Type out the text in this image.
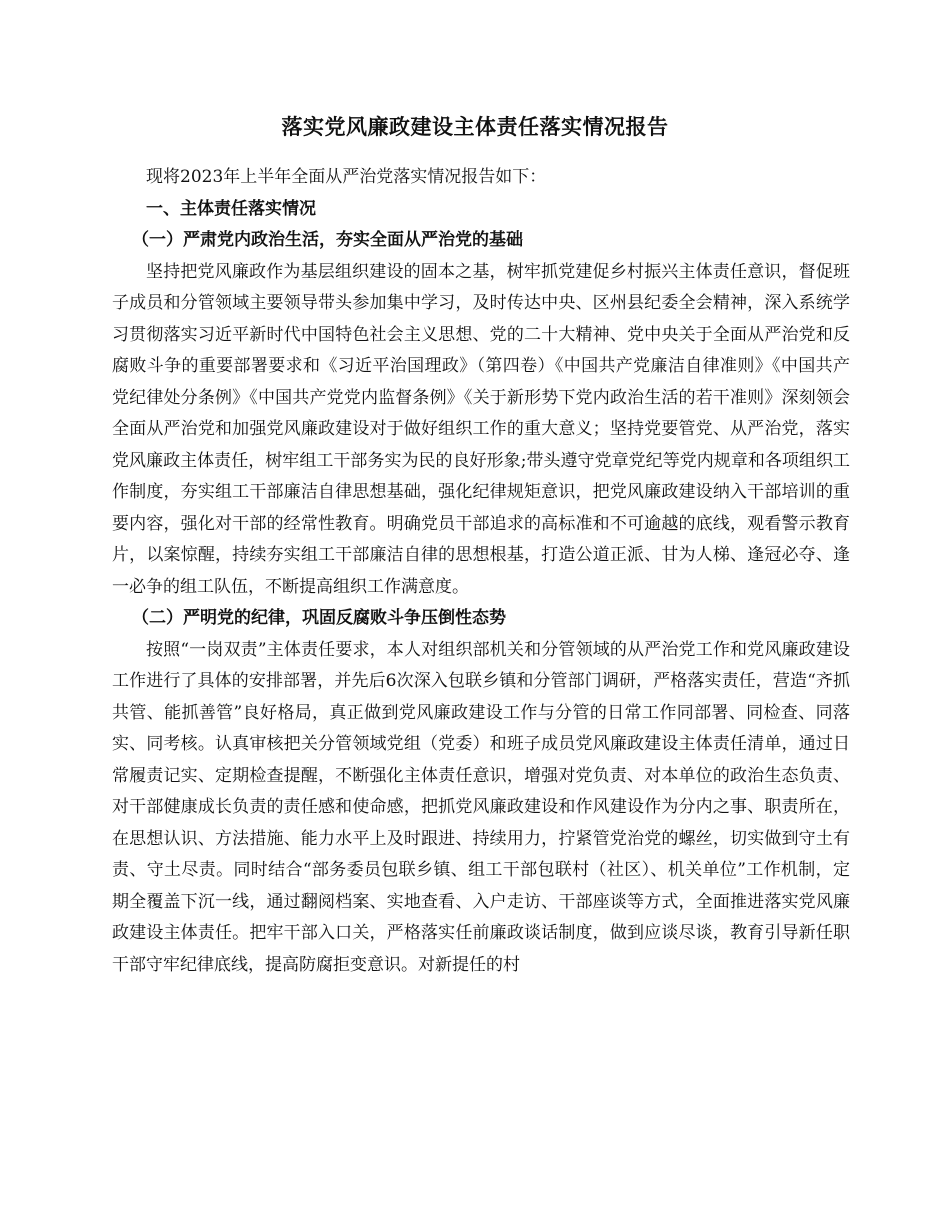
落实党风廉政建设主体责任落实情况报告

现将2023年上半年全面从严治党落实情况报告如下：

一、主体责任落实情况

（一）严肃党内政治生活，夯实全面从严治党的基础

坚持把党风廉政作为基层组织建设的固本之基，树牢抓党建促乡村振兴主体责任意识，督促班子成员和分管领域主要领导带头参加集中学习，及时传达中央、区州县纪委全会精神，深入系统学习贯彻落实习近平新时代中国特色社会主义思想、党的二十大精神、党中央关于全面从严治党和反腐败斗争的重要部署要求和《习近平治国理政》（第四卷）《中国共产党廉洁自律准则》《中国共产党纪律处分条例》《中国共产党党内监督条例》《关于新形势下党内政治生活的若干准则》深刻领会全面从严治党和加强党风廉政建设对于做好组织工作的重大意义；坚持党要管党、从严治党，落实党风廉政主体责任，树牢组工干部务实为民的良好形象;带头遵守党章党纪等党内规章和各项组织工作制度，夯实组工干部廉洁自律思想基础，强化纪律规矩意识，把党风廉政建设纳入干部培训的重要内容，强化对干部的经常性教育。明确党员干部追求的高标准和不可逾越的底线，观看警示教育片，以案惊醒，持续夯实组工干部廉洁自律的思想根基，打造公道正派、甘为人梯、逢冠必夺、逢一必争的组工队伍，不断提高组织工作满意度。

（二）严明党的纪律，巩固反腐败斗争压倒性态势

按照“一岗双责”主体责任要求，本人对组织部机关和分管领域的从严治党工作和党风廉政建设工作进行了具体的安排部署，并先后6次深入包联乡镇和分管部门调研，严格落实责任，营造“齐抓共管、能抓善管”良好格局，真正做到党风廉政建设工作与分管的日常工作同部署、同检查、同落实、同考核。认真审核把关分管领域党组（党委）和班子成员党风廉政建设主体责任清单，通过日常履责记实、定期检查提醒，不断强化主体责任意识，增强对党负责、对本单位的政治生态负责、对干部健康成长负责的责任感和使命感，把抓党风廉政建设和作风建设作为分内之事、职责所在，在思想认识、方法措施、能力水平上及时跟进、持续用力，拧紧管党治党的螺丝，切实做到守土有责、守土尽责。同时结合“部务委员包联乡镇、组工干部包联村（社区）、机关单位”工作机制，定期全覆盖下沉一线，通过翻阅档案、实地查看、入户走访、干部座谈等方式，全面推进落实党风廉政建设主体责任。把牢干部入口关，严格落实任前廉政谈话制度，做到应谈尽谈，教育引导新任职干部守牢纪律底线，提高防腐拒变意识。对新提任的村
